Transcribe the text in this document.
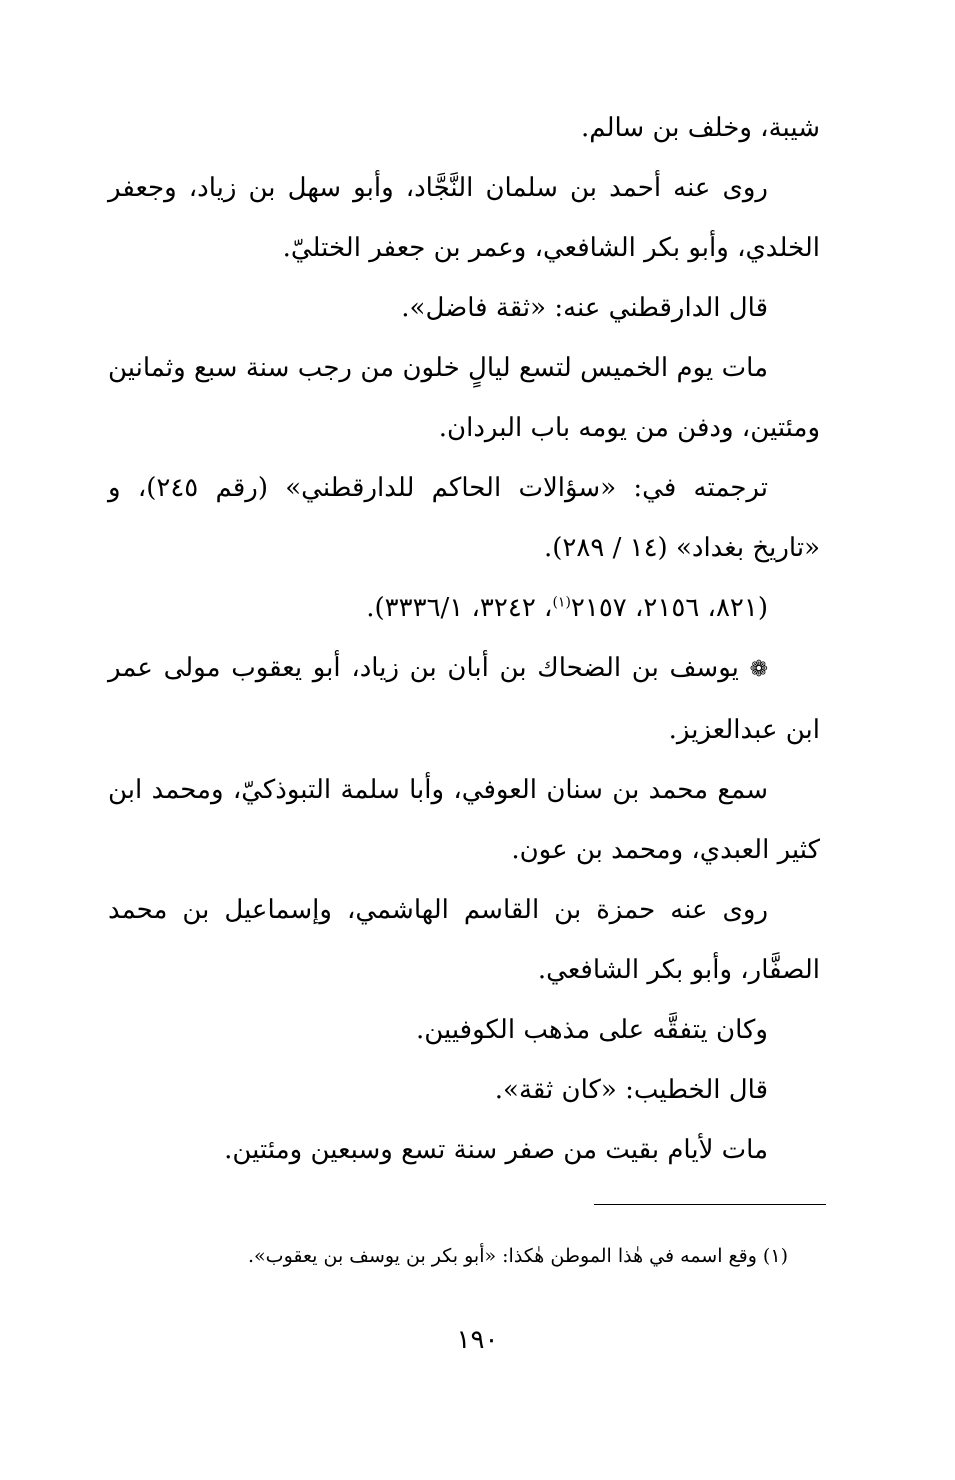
شيبة، وخلف بن سالم.

روى عنه أحمد بن سلمان النَّجَّاد، وأبو سهل بن زياد، وجعفر الخلدي، وأبو بكر الشافعي، وعمر بن جعفر الختليّ.

قال الدارقطني عنه: «ثقة فاضل».

مات يوم الخميس لتسع ليالٍ خلون من رجب سنة سبع وثمانين ومئتين، ودفن من يومه باب البردان.

ترجمته في: «سؤالات الحاكم للدارقطني» (رقم ٢٤٥)، و «تاريخ بغداد» (١٤ / ٢٨٩).

(٨٢١، ٢١٥٦، ٢١٥٧$^{(١)}$، ٣٢٤٢، ٣٣٣٦/١).

❁ يوسف بن الضحاك بن أبان بن زياد، أبو يعقوب مولى عمر ابن عبدالعزيز.

سمع محمد بن سنان العوفي، وأبا سلمة التبوذكيّ، ومحمد ابن كثير العبدي، ومحمد بن عون.

روى عنه حمزة بن القاسم الهاشمي، وإسماعيل بن محمد الصفَّار، وأبو بكر الشافعي.

وكان يتفقَّه على مذهب الكوفيين.

قال الخطيب: «كان ثقة».

مات لأيام بقيت من صفر سنة تسع وسبعين ومئتين.

(١) وقع اسمه في هٰذا الموطن هٰكذا: «أبو بكر بن يوسف بن يعقوب».
١٩٠
